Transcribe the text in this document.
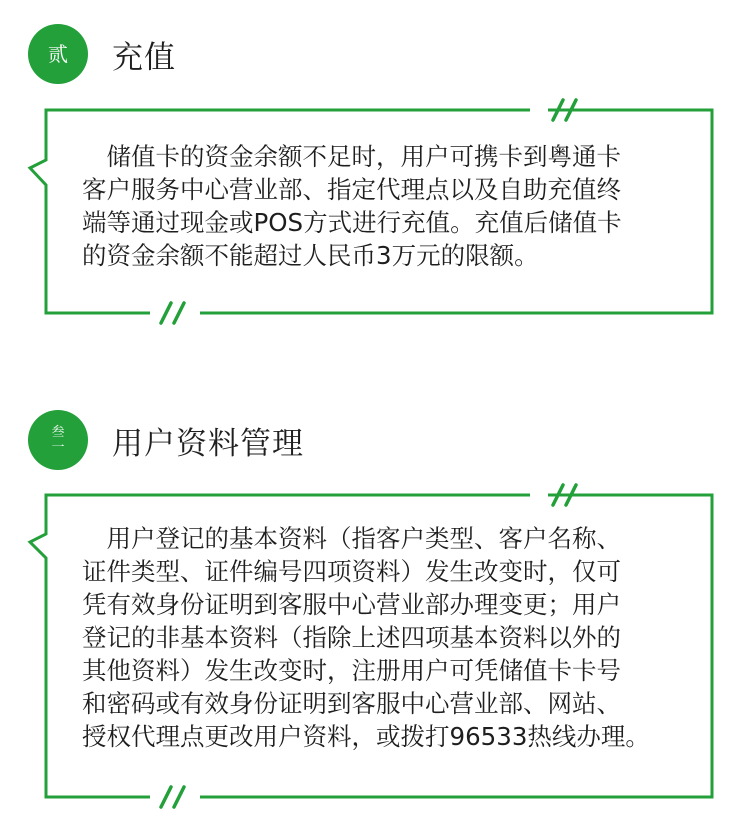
贰 充值
　储值卡的资金余额不足时，用户可携卡到粤通卡
客户服务中心营业部、指定代理点以及自助充值终
端等通过现金或POS方式进行充值。充值后储值卡
的资金余额不能超过人民币3万元的限额。
叁
一 用户资料管理
　用户登记的基本资料（指客户类型、客户名称、
证件类型、证件编号四项资料）发生改变时，仅可
凭有效身份证明到客服中心营业部办理变更；用户
登记的非基本资料（指除上述四项基本资料以外的
其他资料）发生改变时，注册用户可凭储值卡卡号
和密码或有效身份证明到客服中心营业部、网站、
授权代理点更改用户资料，或拨打96533热线办理。
